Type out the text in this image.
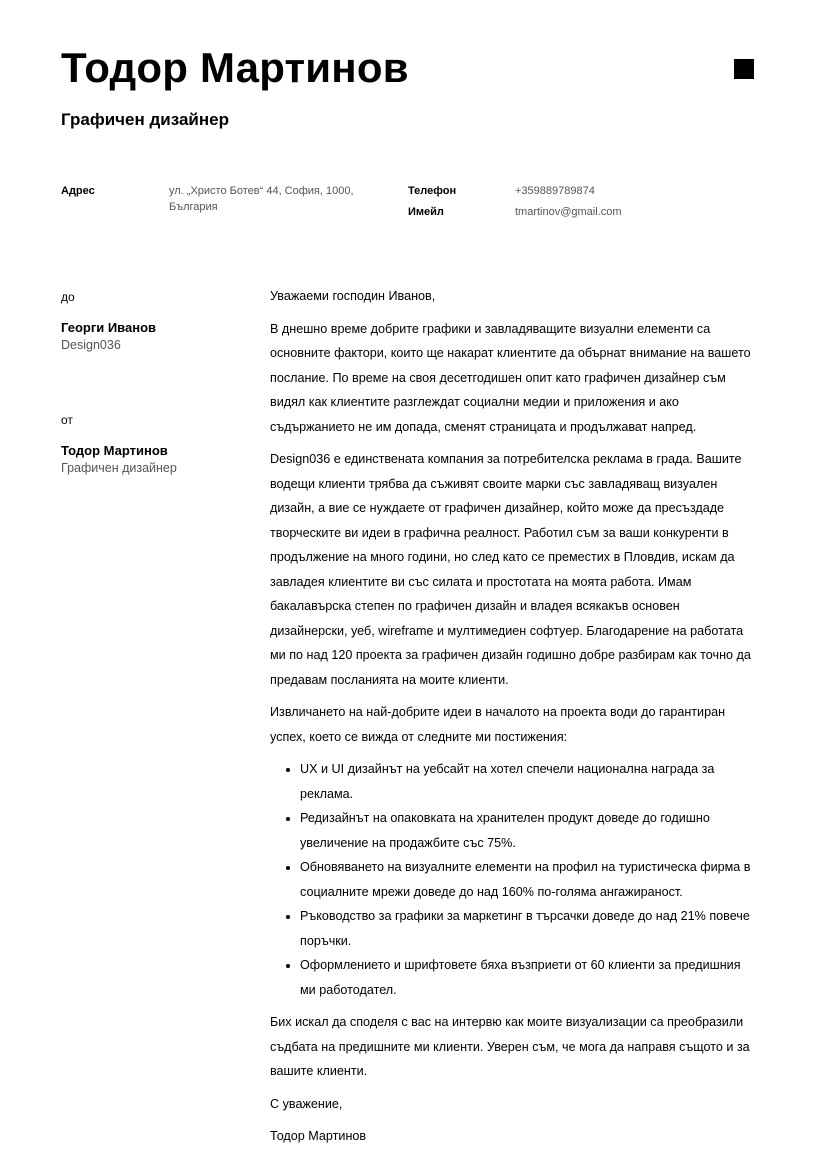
Тодор Мартинов
Графичен дизайнер
Адрес	ул. „Христо Ботев“ 44, София, 1000, България
Телефон	+359889789874
Имейл	tmartinov@gmail.com
до
Георги Иванов
Design036
от
Тодор Мартинов
Графичен дизайнер

Уважаеми господин Иванов,

В днешно време добрите графики и завладяващите визуални елементи са основните фактори, които ще накарат клиентите да обърнат внимание на вашето послание. По време на своя десетгодишен опит като графичен дизайнер съм видял как клиентите разглеждат социални медии и приложения и ако съдържанието не им допада, сменят страницата и продължават напред.

Design036 е единствената компания за потребителска реклама в града. Вашите водещи клиенти трябва да съживят своите марки със завладяващ визуален дизайн, а вие се нуждаете от графичен дизайнер, който може да пресъздаде творческите ви идеи в графична реалност. Работил съм за ваши конкуренти в продължение на много години, но след като се преместих в Пловдив, искам да завладея клиентите ви със силата и простотата на моята работа. Имам бакалавърска степен по графичен дизайн и владея всякакъв основен дизайнерски, уеб, wireframe и мултимедиен софтуер. Благодарение на работата ми по над 120 проекта за графичен дизайн годишно добре разбирам как точно да предавам посланията на моите клиенти.

Извличането на най-добрите идеи в началото на проекта води до гарантиран успех, което се вижда от следните ми постижения:

• UX и UI дизайнът на уебсайт на хотел спечели национална награда за реклама.
• Редизайнът на опаковката на хранителен продукт доведе до годишно увеличение на продажбите със 75%.
• Обновяването на визуалните елементи на профил на туристическа фирма в социалните мрежи доведе до над 160% по-голяма ангажираност.
• Ръководство за графики за маркетинг в търсачки доведе до над 21% повече поръчки.
• Оформлението и шрифтовете бяха възприети от 60 клиенти за предишния ми работодател.

Бих искал да споделя с вас на интервю как моите визуализации са преобразили съдбата на предишните ми клиенти. Уверен съм, че мога да направя същото и за вашите клиенти.

С уважение,

Тодор Мартинов
